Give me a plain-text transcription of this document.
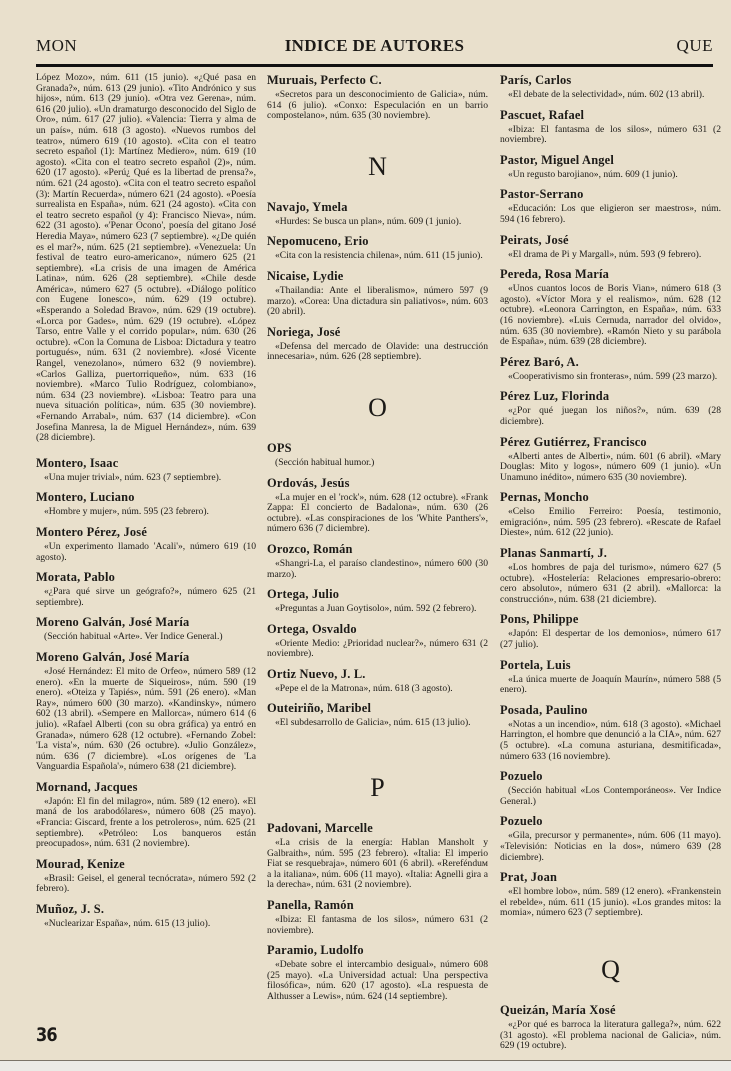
MON	INDICE DE AUTORES	QUE
López Mozo», núm. 611 (15 junio). «¿Qué pasa en Granada?», núm. 613 (29 junio). «Tito Andrónico y sus hijos», núm. 613 (29 junio). «Otra vez Gerena», núm. 616 (20 julio). «Un dramaturgo desconocido del Siglo de Oro», núm. 617 (27 julio). «Valencia: Tierra y alma de un país», núm. 618 (3 agosto). «Nuevos rumbos del teatro», número 619 (10 agosto). «Cita con el teatro secreto español (1): Martínez Mediero», núm. 619 (10 agosto). «Cita con el teatro secreto español (2)», núm. 620 (17 agosto). «Perú¿ Qué es la libertad de prensa?», núm. 621 (24 agosto). «Cita con el teatro secreto español (3): Martín Recuerda», número 621 (24 agosto). «Poesía surrealista en España», núm. 621 (24 agosto). «Cita con el teatro secreto español (y 4): Francisco Nieva», núm. 622 (31 agosto). «'Penar Ocono', poesía del gitano José Heredia Maya», número 623 (7 septiembre). «¿De quién es el mar?», núm. 625 (21 septiembre). «Venezuela: Un festival de teatro euro-americano», número 625 (21 septiembre). «La crisis de una imagen de América Latina», núm. 626 (28 septiembre). «Chile desde América», número 627 (5 octubre). «Diálogo político con Eugene Ionesco», núm. 629 (19 octubre). «Esperando a Soledad Bravo», núm. 629 (19 octubre). «Lorca por Gades», núm. 629 (19 octubre). «López Tarso, entre Valle y el corrido popular», núm. 630 (26 octubre). «Con la Comuna de Lisboa: Dictadura y teatro portugués», núm. 631 (2 noviembre). «José Vicente Rangel, venezolano», número 632 (9 noviembre). «Carlos Galliza, puertorriqueño», núm. 633 (16 noviembre). «Marco Tulio Rodríguez, colombiano», núm. 634 (23 noviembre). «Lisboa: Teatro para una nueva situación política», núm. 635 (30 noviembre). «Fernando Arrabal», núm. 637 (14 diciembre). «Con Josefina Manresa, la de Miguel Hernández», núm. 639 (28 diciembre).
Montero, Isaac
«Una mujer trivial», núm. 623 (7 septiembre).
Montero, Luciano
«Hombre y mujer», núm. 595 (23 febrero).
Montero Pérez, José
«Un experimento llamado 'Acali'», número 619 (10 agosto).
Morata, Pablo
«¿Para qué sirve un geógrafo?», número 625 (21 septiembre).
Moreno Galván, José María
(Sección habitual «Arte». Ver Indice General.)
Moreno Galván, José María
«José Hernández: El mito de Orfeo», número 589 (12 enero). «En la muerte de Siqueiros», núm. 590 (19 enero). «Oteiza y Tapiés», núm. 591 (26 enero). «Man Ray», número 600 (30 marzo). «Kandinsky», número 602 (13 abril). «Sempere en Mallorca», número 614 (6 julio). «Rafael Alberti (con su obra gráfica) ya entró en Granada», número 628 (12 octubre). «Fernando Zobel: 'La vista'», núm. 630 (26 octubre). «Julio González», núm. 636 (7 diciembre). «Los orígenes de 'La Vanguardia Española'», número 638 (21 diciembre).
Mornand, Jacques
«Japón: El fin del milagro», núm. 589 (12 enero). «El maná de los arabodólares», número 608 (25 mayo). «Francia: Giscard, frente a los petroleros», núm. 625 (21 septiembre). «Petróleo: Los banqueros están preocupados», núm. 631 (2 noviembre).
Mourad, Kenize
«Brasil: Geisel, el general tecnócrata», número 592 (2 febrero).
Muñoz, J. S.
«Nuclearizar España», núm. 615 (13 julio).
Muruais, Perfecto C.
«Secretos para un desconocimiento de Galicia», núm. 614 (6 julio). «Conxo: Especulación en un barrio compostelano», núm. 635 (30 noviembre).
N
Navajo, Ymela
«Hurdes: Se busca un plan», núm. 609 (1 junio).
Nepomuceno, Erio
«Cita con la resistencia chilena», núm. 611 (15 junio).
Nicaise, Lydie
«Thailandia: Ante el liberalismo», número 597 (9 marzo). «Corea: Una dictadura sin paliativos», núm. 603 (20 abril).
Noriega, José
«Defensa del mercado de Olavide: una destrucción innecesaria», núm. 626 (28 septiembre).
O
OPS
(Sección habitual humor.)
Ordovás, Jesús
«La mujer en el 'rock'», núm. 628 (12 octubre). «Frank Zappa: El concierto de Badalona», núm. 630 (26 octubre). «Las conspiraciones de los 'White Panthers'», número 636 (7 diciembre).
Orozco, Román
«Shangri-La, el paraíso clandestino», número 600 (30 marzo).
Ortega, Julio
«Preguntas a Juan Goytisolo», núm. 592 (2 febrero).
Ortega, Osvaldo
«Oriente Medio: ¿Prioridad nuclear?», número 631 (2 noviembre).
Ortiz Nuevo, J. L.
«Pepe el de la Matrona», núm. 618 (3 agosto).
Outeiriño, Maribel
«El subdesarrollo de Galicia», núm. 615 (13 julio).
P
Padovani, Marcelle
«La crisis de la energía: Hablan Mansholt y Galbraith», núm. 595 (23 febrero). «Italia: El imperio Fiat se resquebraja», número 601 (6 abril). «Rerefénduм a la italiana», núm. 606 (11 mayo). «Italia: Agnelli gira a la derecha», núm. 631 (2 noviembre).
Panella, Ramón
«Ibiza: El fantasma de los silos», número 631 (2 noviembre).
Paramio, Ludolfo
«Debate sobre el intercambio desigual», número 608 (25 mayo). «La Universidad actual: Una perspectiva filosófica», núm. 620 (17 agosto). «La respuesta de Althusser a Lewis», núm. 624 (14 septiembre).
París, Carlos
«El debate de la selectividad», núm. 602 (13 abril).
Pascuet, Rafael
«Ibiza: El fantasma de los silos», número 631 (2 noviembre).
Pastor, Miguel Angel
«Un regusto barojiano», núm. 609 (1 junio).
Pastor-Serrano
«Educación: Los que eligieron ser maestros», núm. 594 (16 febrero).
Peirats, José
«El drama de Pi y Margall», núm. 593 (9 febrero).
Pereda, Rosa María
«Unos cuantos locos de Boris Vian», número 618 (3 agosto). «Víctor Mora y el realismo», núm. 628 (12 octubre). «Leonora Carrington, en España», núm. 633 (16 noviembre). «Luis Cernuda, narrador del olvido», núm. 635 (30 noviembre). «Ramón Nieto y su parábola de España», núm. 639 (28 diciembre).
Pérez Baró, A.
«Cooperativismo sin fronteras», núm. 599 (23 marzo).
Pérez Luz, Florinda
«¿Por qué juegan los niños?», núm. 639 (28 diciembre).
Pérez Gutiérrez, Francisco
«Alberti antes de Alberti», núm. 601 (6 abril). «Mary Douglas: Mito y logos», número 609 (1 junio). «Un Unamuno inédito», número 635 (30 noviembre).
Pernas, Moncho
«Celso Emilio Ferreiro: Poesía, testimonio, emigración», núm. 595 (23 febrero). «Rescate de Rafael Dieste», núm. 612 (22 junio).
Planas Sanmartí, J.
«Los hombres de paja del turismo», número 627 (5 octubre). «Hostelería: Relaciones empresario-obrero: cero absoluto», número 631 (2 abril). «Mallorca: la construcción», núm. 638 (21 diciembre).
Pons, Philippe
«Japón: El despertar de los demonios», número 617 (27 julio).
Portela, Luis
«La única muerte de Joaquín Maurín», número 588 (5 enero).
Posada, Paulino
«Notas a un incendio», núm. 618 (3 agosto). «Michael Harrington, el hombre que denunció a la CIA», núm. 627 (5 octubre). «La comuna asturiana, desmitificada», número 633 (16 noviembre).
Pozuelo
(Sección habitual «Los Contemporáneos». Ver Indice General.)
Pozuelo
«Gila, precursor y permanente», núm. 606 (11 mayo). «Televisión: Noticias en la dos», número 639 (28 diciembre).
Prat, Joan
«El hombre lobo», núm. 589 (12 enero). «Frankenstein el rebelde», núm. 611 (15 junio). «Los grandes mitos: la momia», número 623 (7 septiembre).
Q
Queizán, María Xosé
«¿Por qué es barroca la literatura gallega?», núm. 622 (31 agosto). «El problema nacional de Galicia», núm. 629 (19 octubre).
36
